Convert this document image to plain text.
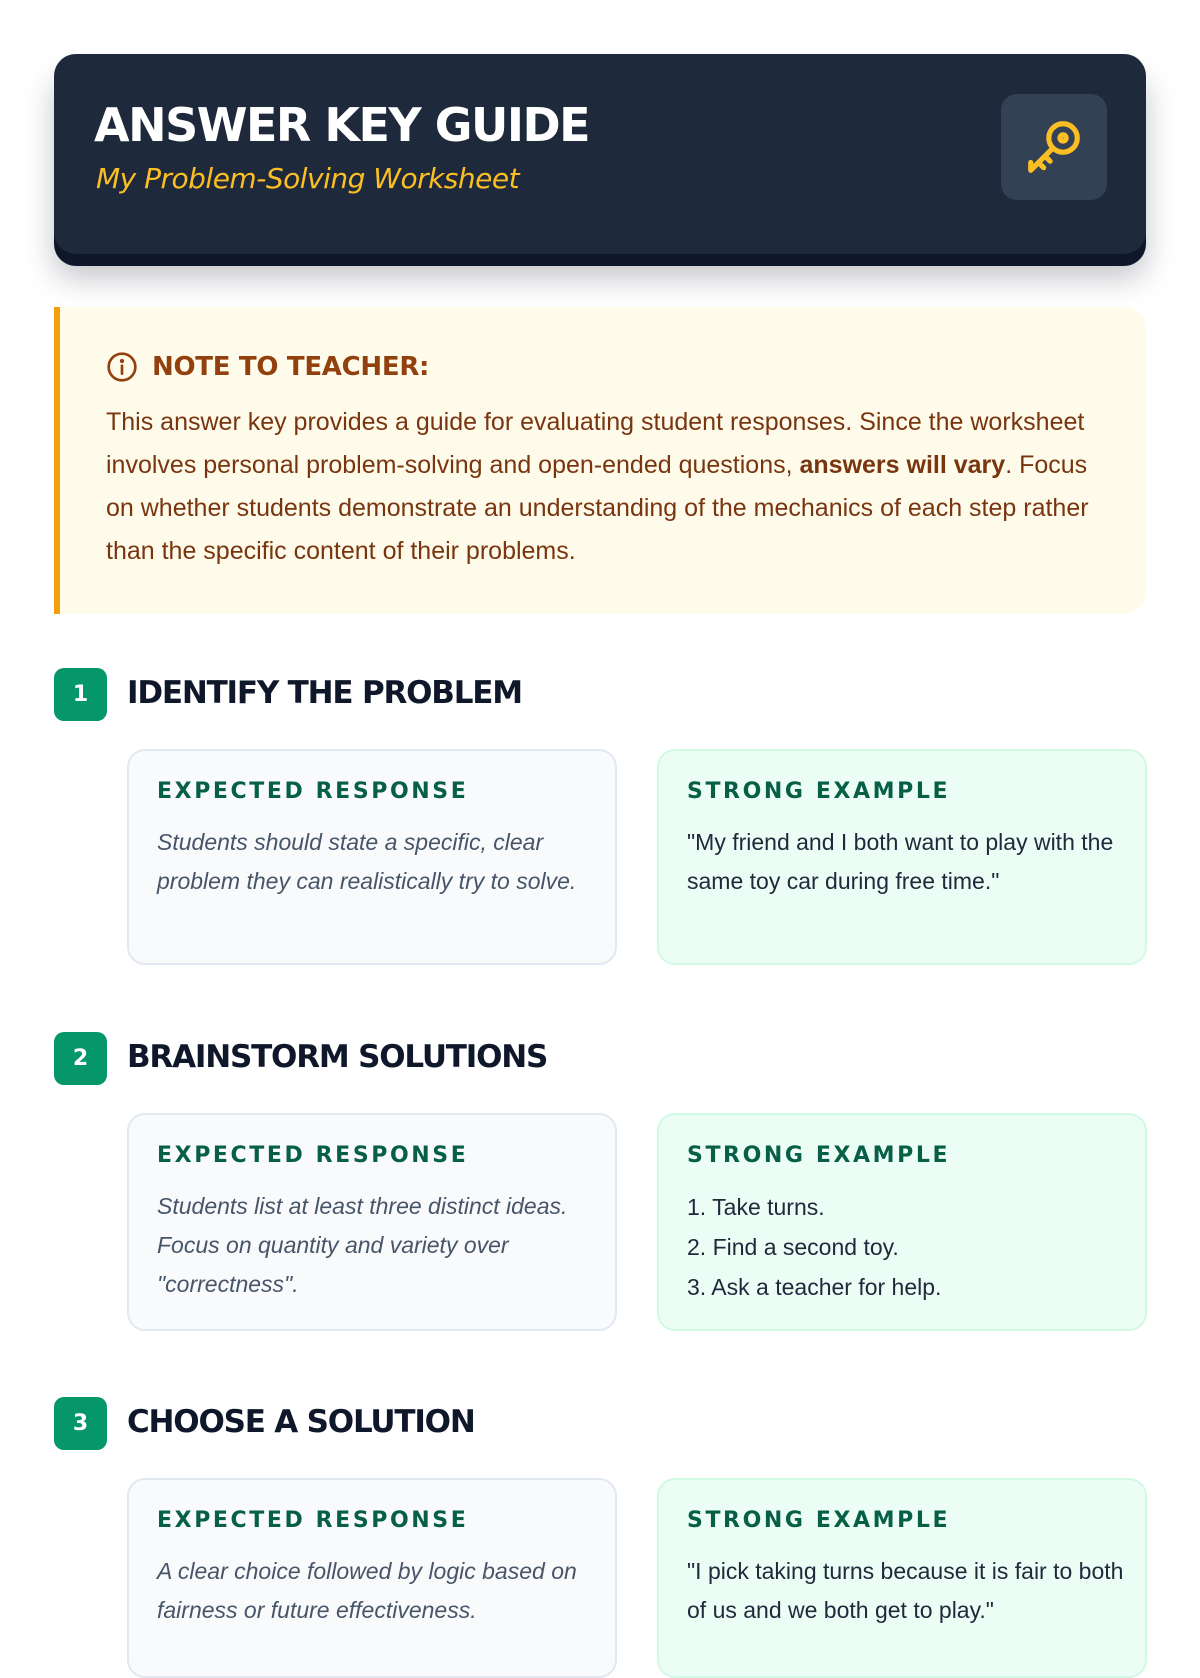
ANSWER KEY GUIDE
My Problem-Solving Worksheet
NOTE TO TEACHER:
This answer key provides a guide for evaluating student responses. Since the worksheet involves personal problem-solving and open-ended questions, answers will vary. Focus on whether students demonstrate an understanding of the mechanics of each step rather than the specific content of their problems.
1	IDENTIFY THE PROBLEM
EXPECTED RESPONSE
Students should state a specific, clear problem they can realistically try to solve.
STRONG EXAMPLE
"My friend and I both want to play with the same toy car during free time."
2	BRAINSTORM SOLUTIONS
EXPECTED RESPONSE
Students list at least three distinct ideas. Focus on quantity and variety over "correctness".
STRONG EXAMPLE
1. Take turns.
2. Find a second toy.
3. Ask a teacher for help.
3	CHOOSE A SOLUTION
EXPECTED RESPONSE
A clear choice followed by logic based on fairness or future effectiveness.
STRONG EXAMPLE
"I pick taking turns because it is fair to both of us and we both get to play."
